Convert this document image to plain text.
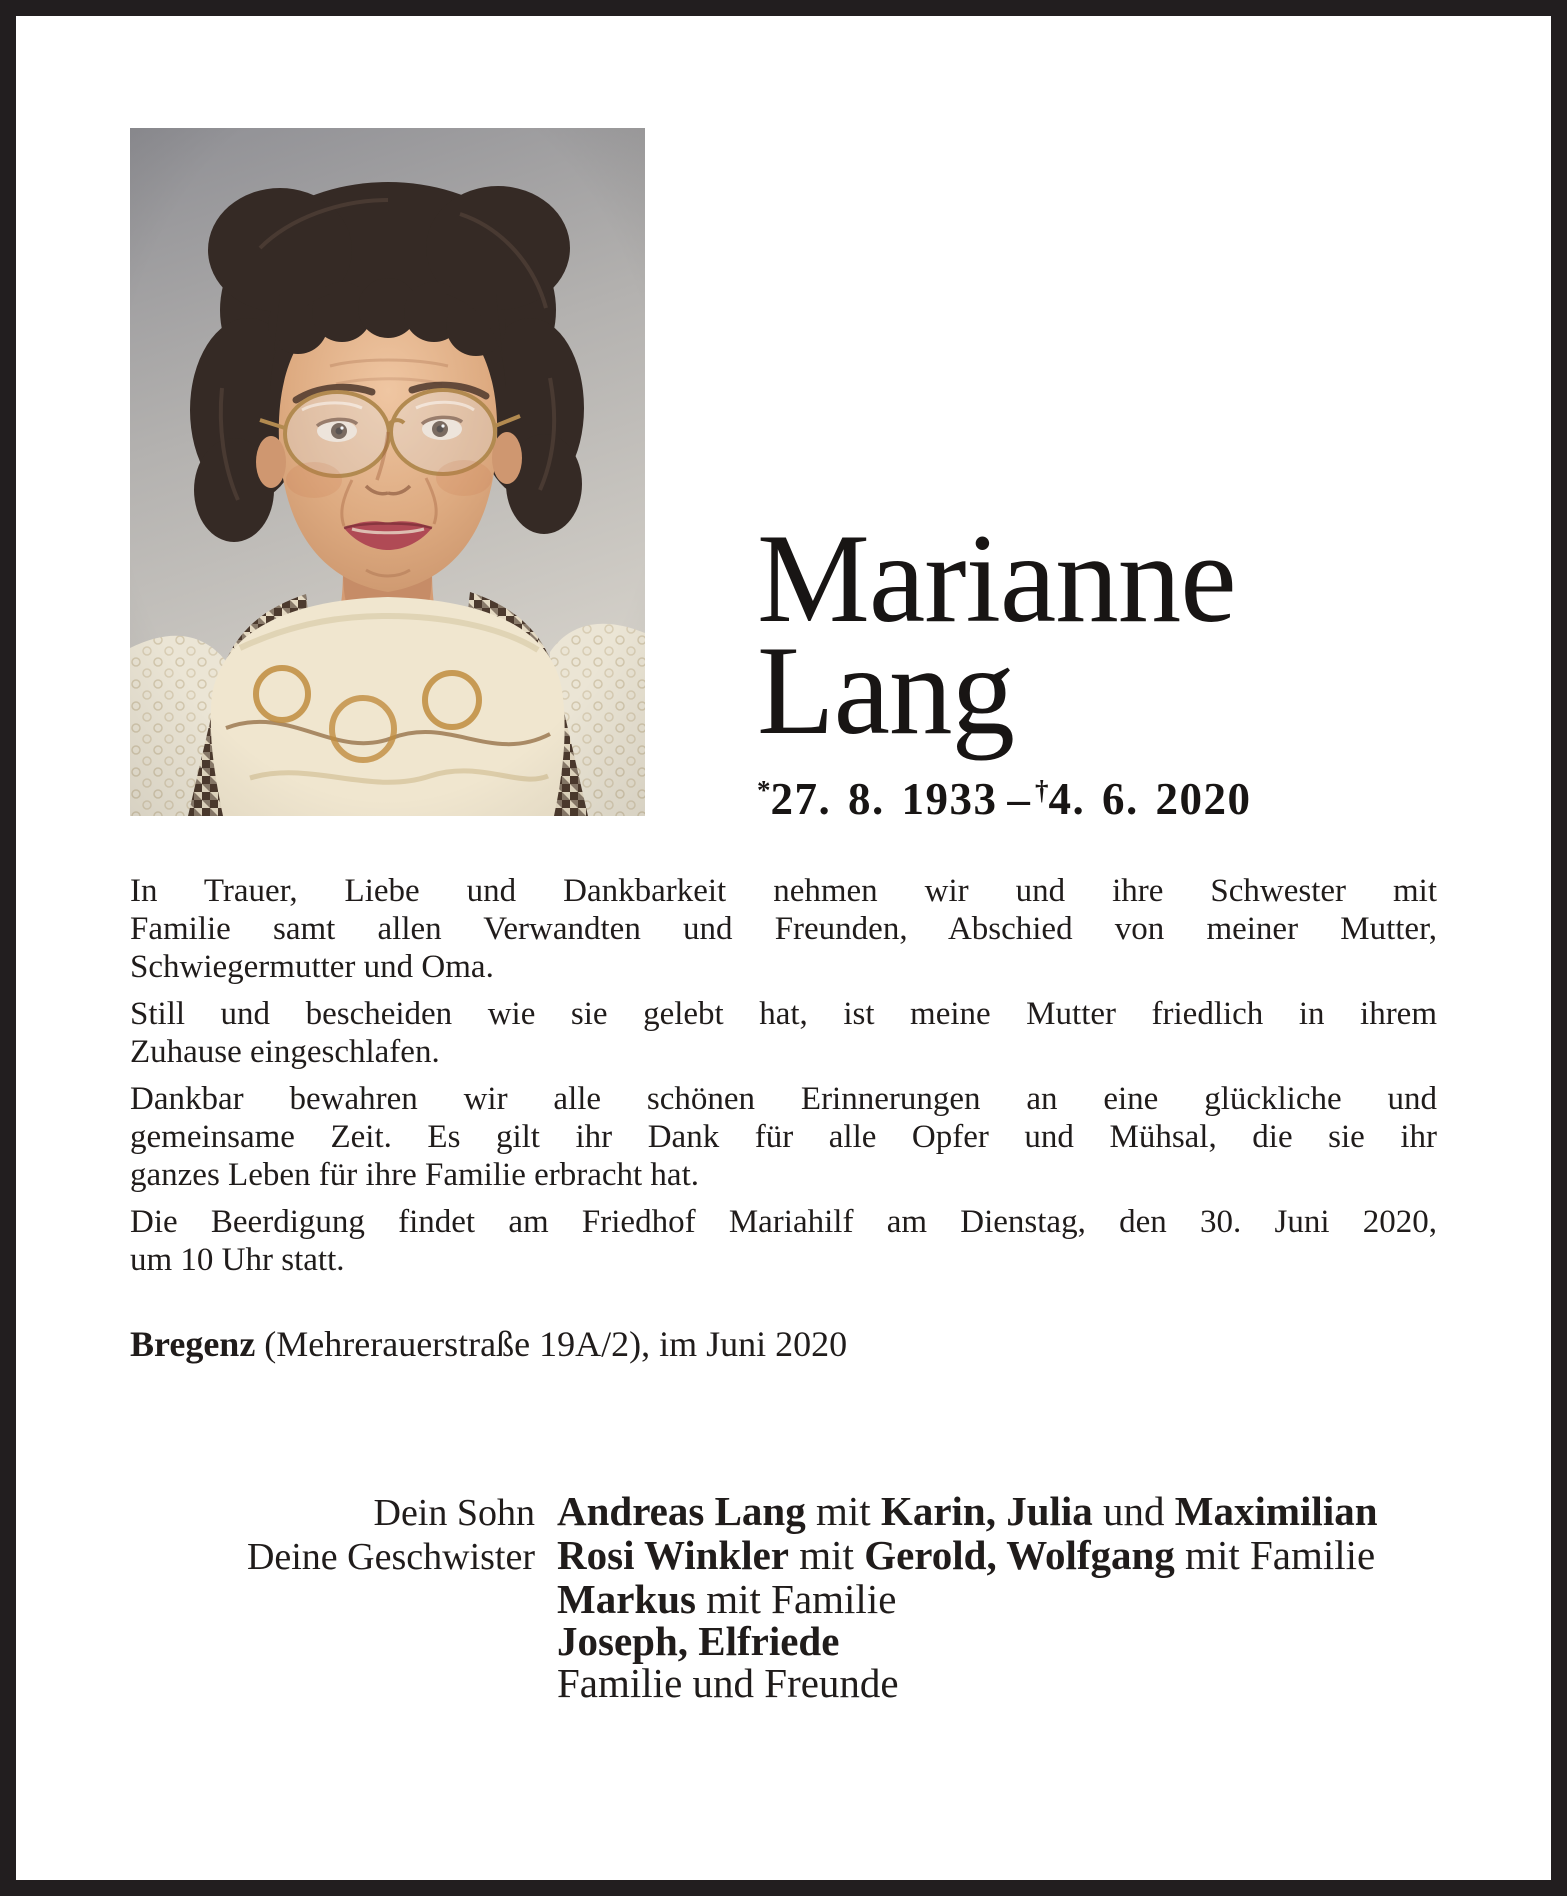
Marianne
Lang
*27. 8. 1933 – †4. 6. 2020
In Trauer, Liebe und Dankbarkeit nehmen wir und ihre Schwester mit
Familie samt allen Verwandten und Freunden, Abschied von meiner Mutter,
Schwiegermutter und Oma.
Still und bescheiden wie sie gelebt hat, ist meine Mutter friedlich in ihrem
Zuhause eingeschlafen.
Dankbar bewahren wir alle schönen Erinnerungen an eine glückliche und
gemeinsame Zeit. Es gilt ihr Dank für alle Opfer und Mühsal, die sie ihr
ganzes Leben für ihre Familie erbracht hat.
Die Beerdigung findet am Friedhof Mariahilf am Dienstag, den 30. Juni 2020,
um 10 Uhr statt.
Bregenz (Mehrerauerstraße 19A/2), im Juni 2020
Dein Sohn Andreas Lang mit Karin, Julia und Maximilian
Deine Geschwister Rosi Winkler mit Gerold, Wolfgang mit Familie
Markus mit Familie
Joseph, Elfriede
Familie und Freunde
